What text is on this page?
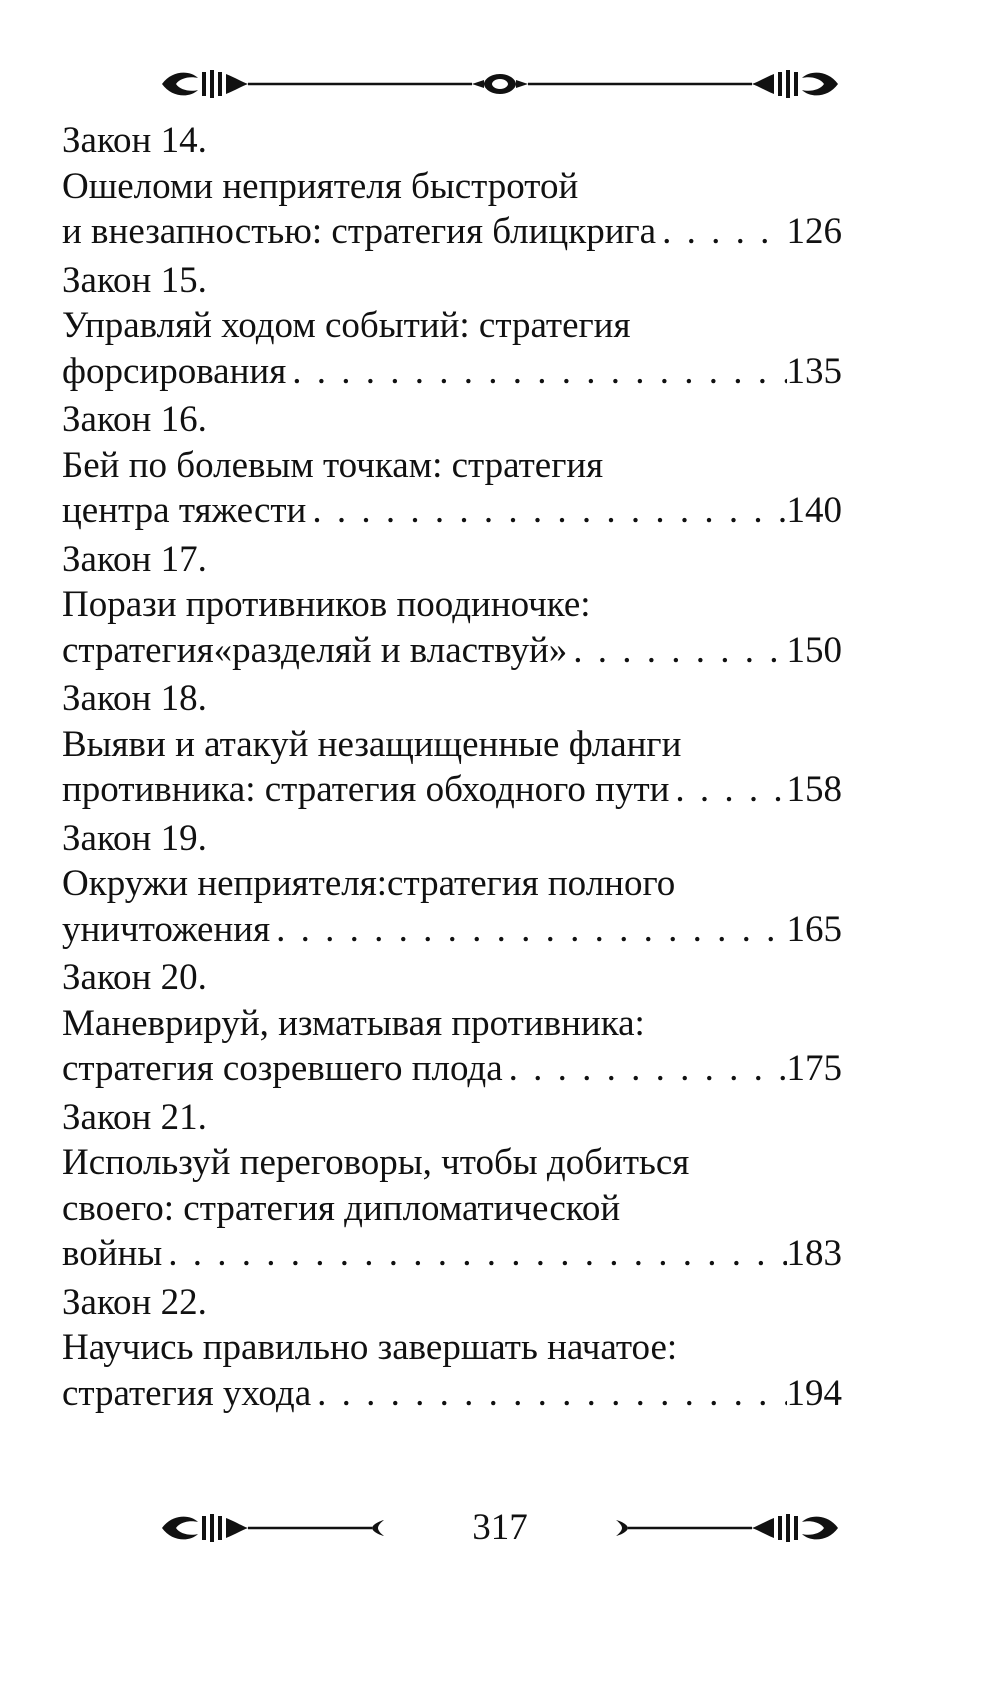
Закон 14.
Ошеломи неприятеля быстротой
и внезапностью: стратегия блицкрига . . .	126
Закон 15.
Управляй ходом событий: стратегия
форсирования . . .	135
Закон 16.
Бей по болевым точкам: стратегия
центра тяжести . . .	140
Закон 17.
Порази противников поодиночке:
стратегия«разделяй и властвуй» . . .	150
Закон 18.
Выяви и атакуй незащищенные фланги
противника: стратегия обходного пути . . .	158
Закон 19.
Окружи неприятеля:стратегия полного
уничтожения . . .	165
Закон 20.
Маневрируй, изматывая противника:
стратегия созревшего плода . . .	175
Закон 21.
Используй переговоры, чтобы добиться
своего: стратегия дипломатической
войны . . .	183
Закон 22.
Научись правильно завершать начатое:
стратегия ухода . . .	194
317
